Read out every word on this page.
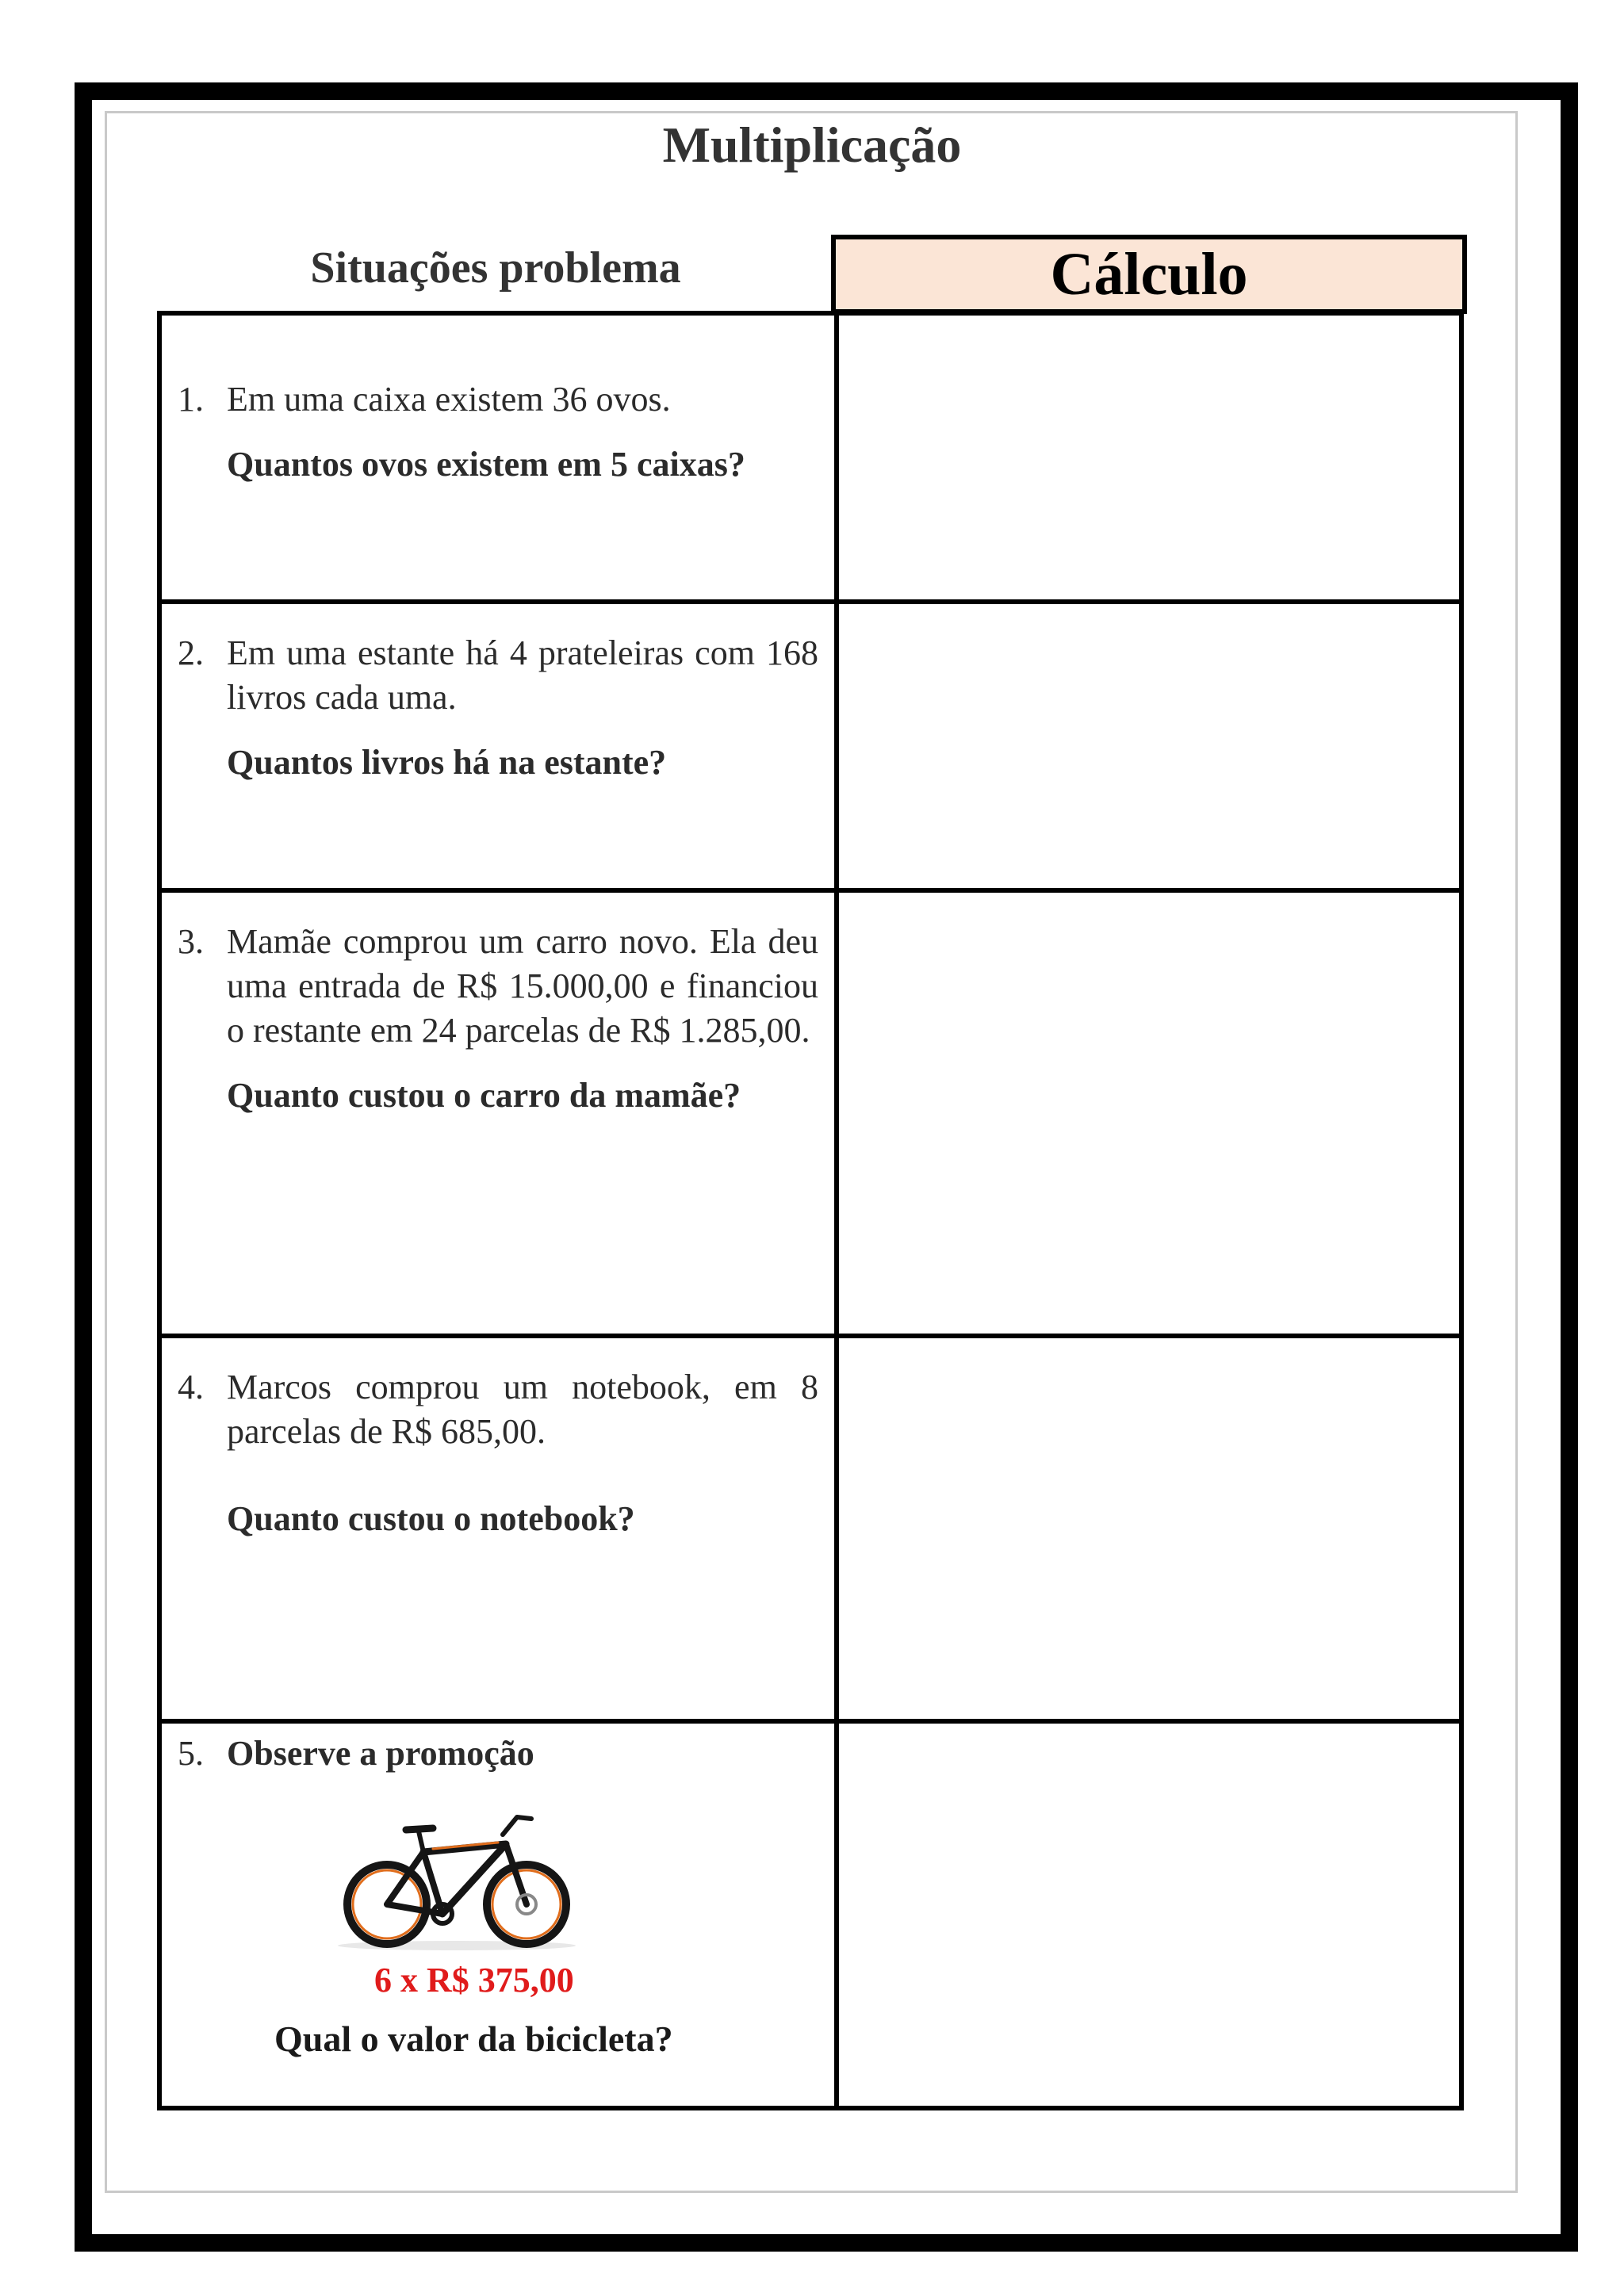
Multiplicação
Situações problema	Cálculo
1. Em uma caixa existem 36 ovos.
Quantos ovos existem em 5 caixas?	

2. Em uma estante há 4 prateleiras com 168 livros cada uma.
Quantos livros há na estante?	

3. Mamãe comprou um carro novo. Ela deu uma entrada de R$ 15.000,00 e financiou o restante em 24 parcelas de R$ 1.285,00.
Quanto custou o carro da mamãe?	

4. Marcos comprou um notebook, em 8 parcelas de R$ 685,00.
Quanto custou o notebook?	

5. Observe a promoção
6 x R$ 375,00
Qual o valor da bicicleta?	
